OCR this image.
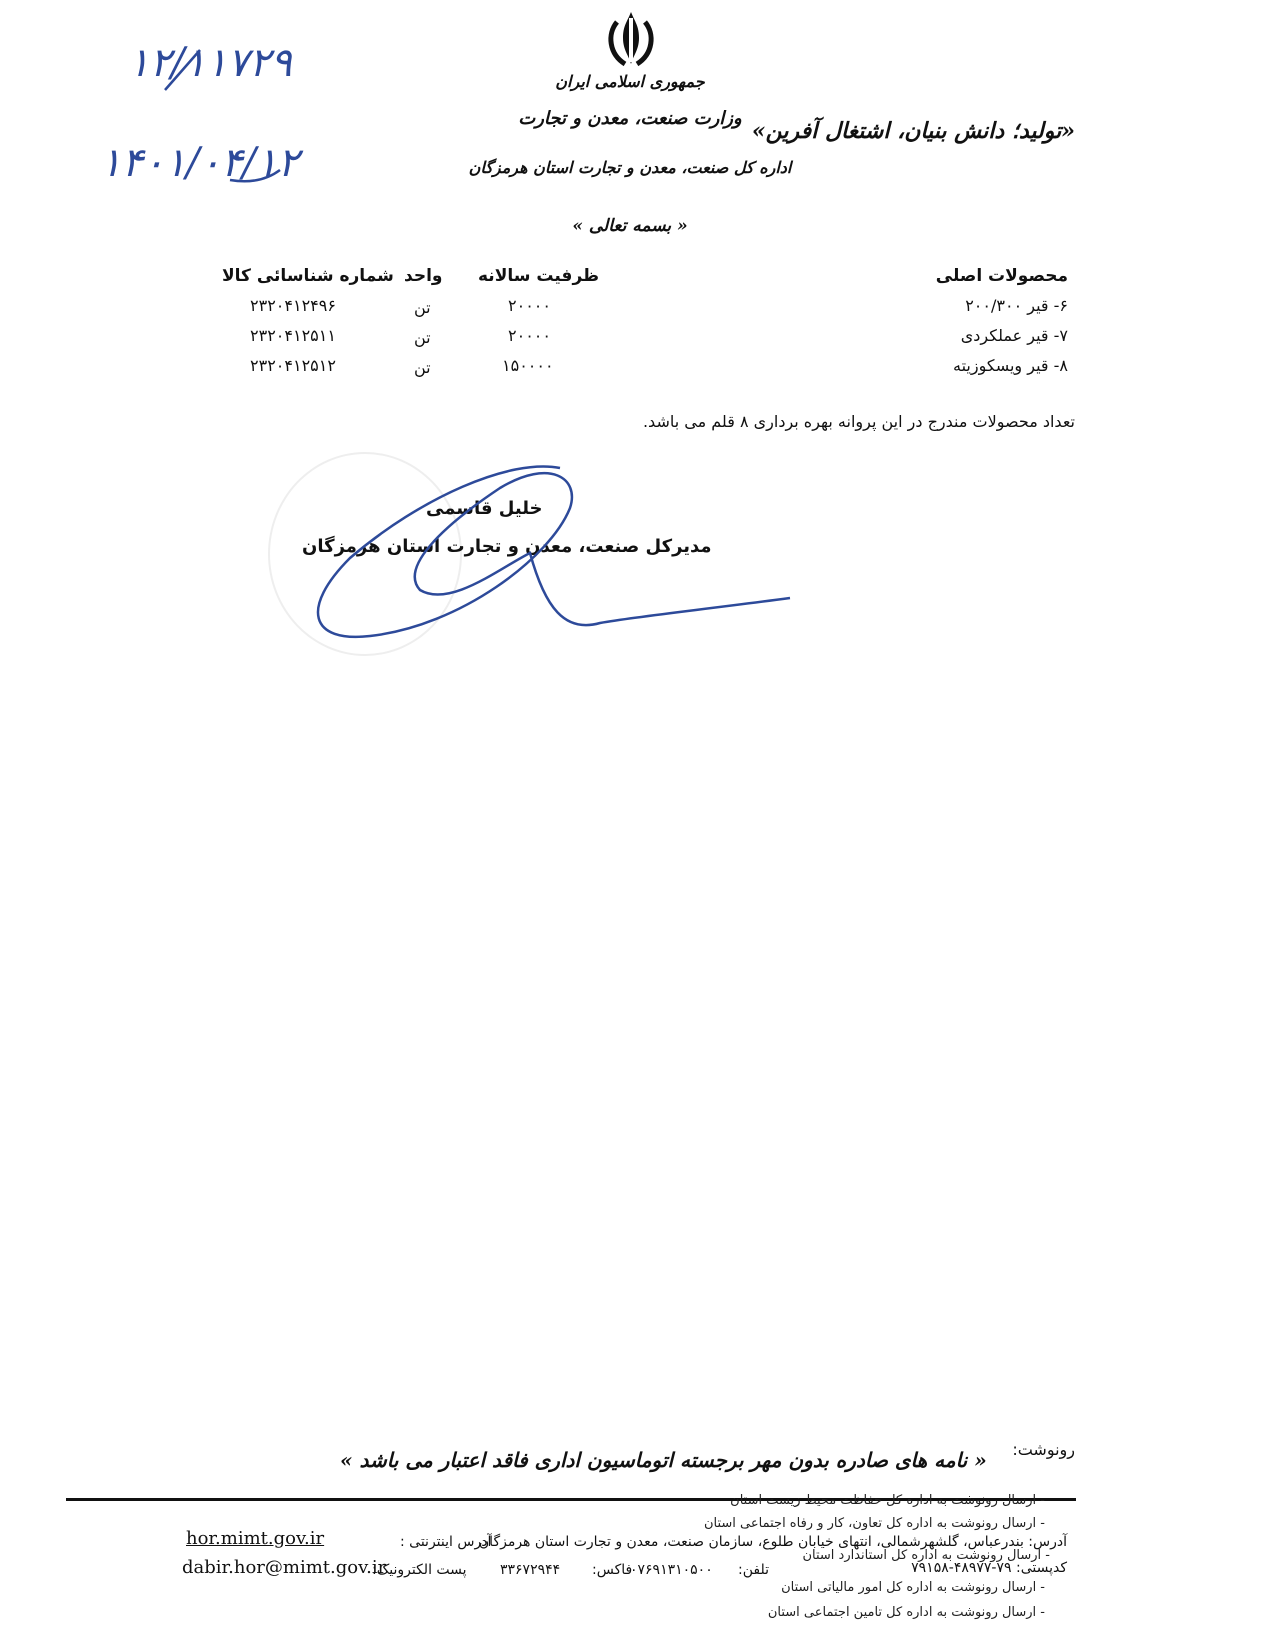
۱۲/۱۱۷۲۹
۱۴۰۱/۰۴/۱۲
جمهوری اسلامی ایران
وزارت صنعت، معدن و تجارت
اداره کل صنعت، معدن و تجارت استان هرمزگان
« بسمه تعالی »
«تولید؛ دانش بنیان، اشتغال آفرین»
محصولات اصلی
ظرفیت سالانه
واحد
شماره شناسائی کالا
۶- قیر ۲۰۰/۳۰۰
۲۰۰۰۰
تن
۲۳۲۰۴۱۲۴۹۶
۷- قیر عملکردی
۲۰۰۰۰
تن
۲۳۲۰۴۱۲۵۱۱
۸- قیر ویسکوزیته
۱۵۰۰۰۰
تن
۲۳۲۰۴۱۲۵۱۲
تعداد محصولات مندرج در این پروانه بهره برداری ۸ قلم می باشد.
خلیل قاسمی
مدیرکل صنعت، معدن و تجارت استان هرمزگان
رونوشت:
« نامه های صادره بدون مهر برجسته اتوماسیون اداری فاقد اعتبار می باشد »
- ارسال رونوشت به اداره کل حفاظت محیط زیست استان
- ارسال رونوشت به اداره کل تعاون، کار و رفاه اجتماعی استان
- ارسال رونوشت به اداره کل استاندارد استان
- ارسال رونوشت به اداره کل امور مالیاتی استان
- ارسال رونوشت به اداره کل تامین اجتماعی استان
آدرس: بندرعباس، گلشهرشمالی، انتهای خیابان طلوع، سازمان صنعت، معدن و تجارت استان هرمزگان
کدپستی: ۷۹-۴۸۹۷۷-۷۹۱۵۸
تلفن:
۰۷۶۹۱۳۱۰۵۰۰
فاکس:
۳۳۶۷۲۹۴۴
آدرس اینترنتی :
hor.mimt.gov.ir
پست الکترونیک:
dabir.hor@mimt.gov.ir
